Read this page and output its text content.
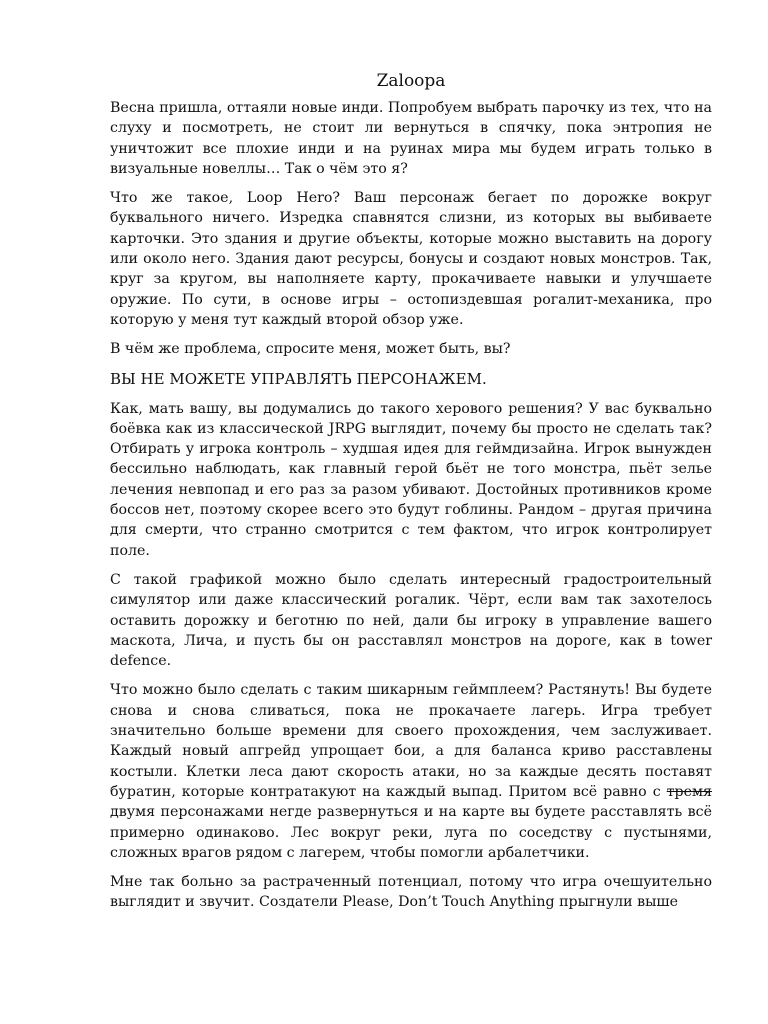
Zaloopa

Весна пришла, оттаяли новые инди. Попробуем выбрать парочку из тех, что на слуху и посмотреть, не стоит ли вернуться в спячку, пока энтропия не уничтожит все плохие инди и на руинах мира мы будем играть только в визуальные новеллы… Так о чём это я?

Что же такое, Loop Hero? Ваш персонаж бегает по дорожке вокруг буквального ничего. Изредка спавнятся слизни, из которых вы выбиваете карточки. Это здания и другие объекты, которые можно выставить на дорогу или около него. Здания дают ресурсы, бонусы и создают новых монстров. Так, круг за кругом, вы наполняете карту, прокачиваете навыки и улучшаете оружие. По сути, в основе игры – остопиздевшая рогалит-механика, про которую у меня тут каждый второй обзор уже.

В чём же проблема, спросите меня, может быть, вы?

ВЫ НЕ МОЖЕТЕ УПРАВЛЯТЬ ПЕРСОНАЖЕМ.

Как, мать вашу, вы додумались до такого херового решения? У вас буквально боёвка как из классической JRPG выглядит, почему бы просто не сделать так? Отбирать у игрока контроль – худшая идея для геймдизайна. Игрок вынужден бессильно наблюдать, как главный герой бьёт не того монстра, пьёт зелье лечения невпопад и его раз за разом убивают. Достойных противников кроме боссов нет, поэтому скорее всего это будут гоблины. Рандом – другая причина для смерти, что странно смотрится с тем фактом, что игрок контролирует поле.

С такой графикой можно было сделать интересный градостроительный симулятор или даже классический рогалик. Чёрт, если вам так захотелось оставить дорожку и беготню по ней, дали бы игроку в управление вашего маскота, Лича, и пусть бы он расставлял монстров на дороге, как в tower defence.

Что можно было сделать с таким шикарным геймплеем? Растянуть! Вы будете снова и снова сливаться, пока не прокачаете лагерь. Игра требует значительно больше времени для своего прохождения, чем заслуживает. Каждый новый апгрейд упрощает бои, а для баланса криво расставлены костыли. Клетки леса дают скорость атаки, но за каждые десять поставят буратин, которые контратакуют на каждый выпад. Притом всё равно с тремя двумя персонажами негде развернуться и на карте вы будете расставлять всё примерно одинаково. Лес вокруг реки, луга по соседству с пустынями, сложных врагов рядом с лагерем, чтобы помогли арбалетчики.

Мне так больно за растраченный потенциал, потому что игра очешуительно выглядит и звучит. Создатели Please, Don’t Touch Anything прыгнули выше
